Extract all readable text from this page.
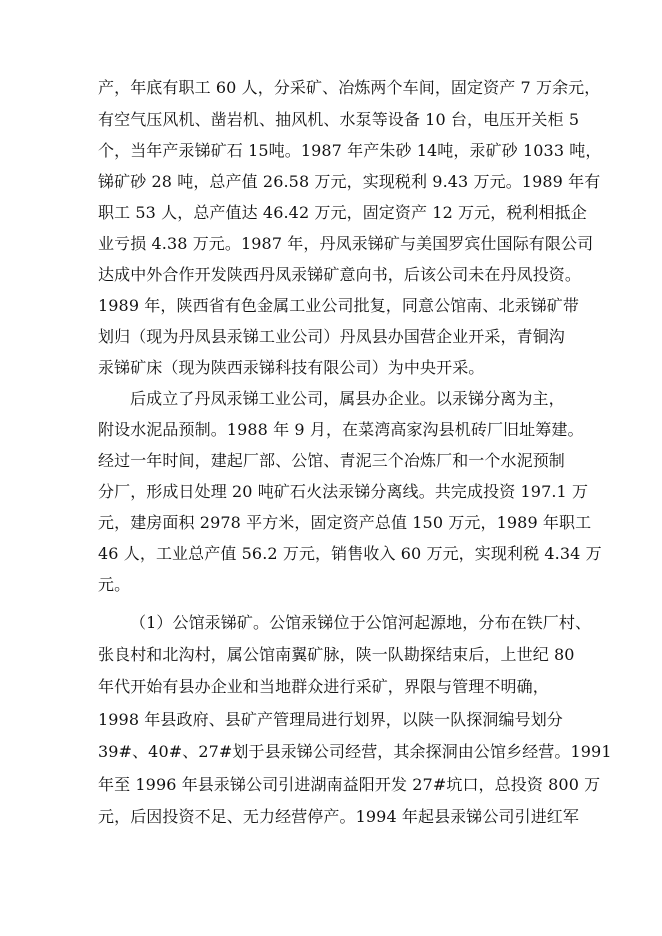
产，年底有职工 60 人，分采矿、冶炼两个车间，固定资产 7 万余元，
有空气压风机、凿岩机、抽风机、水泵等设备 10 台，电压开关柜 5
个，当年产汞锑矿石 15吨。1987 年产朱砂 14吨，汞矿砂 1033 吨，
锑矿砂 28 吨，总产值 26.58 万元，实现税利 9.43 万元。1989 年有
职工 53 人，总产值达 46.42 万元，固定资产 12 万元，税利相抵企
业亏损 4.38 万元。1987 年，丹凤汞锑矿与美国罗宾仕国际有限公司
达成中外合作开发陕西丹凤汞锑矿意向书，后该公司未在丹凤投资。
1989 年，陕西省有色金属工业公司批复，同意公馆南、北汞锑矿带
划归（现为丹凤县汞锑工业公司）丹凤县办国营企业开采，青铜沟
汞锑矿床（现为陕西汞锑科技有限公司）为中央开采。
后成立了丹凤汞锑工业公司，属县办企业。以汞锑分离为主，
附设水泥品预制。1988 年 9 月，在菜湾高家沟县机砖厂旧址筹建。
经过一年时间，建起厂部、公馆、青泥三个冶炼厂和一个水泥预制
分厂，形成日处理 20 吨矿石火法汞锑分离线。共完成投资 197.1 万
元，建房面积 2978 平方米，固定资产总值 150 万元，1989 年职工
46 人，工业总产值 56.2 万元，销售收入 60 万元，实现利税 4.34 万
元。
（1）公馆汞锑矿。公馆汞锑位于公馆河起源地，分布在铁厂村、
张良村和北沟村，属公馆南翼矿脉，陕一队勘探结束后，上世纪 80
年代开始有县办企业和当地群众进行采矿，界限与管理不明确，
1998 年县政府、县矿产管理局进行划界，以陕一队探洞编号划分
39#、40#、27#划于县汞锑公司经营，其余探洞由公馆乡经营。1991
年至 1996 年县汞锑公司引进湖南益阳开发 27#坑口，总投资 800 万
元，后因投资不足、无力经营停产。1994 年起县汞锑公司引进红军
